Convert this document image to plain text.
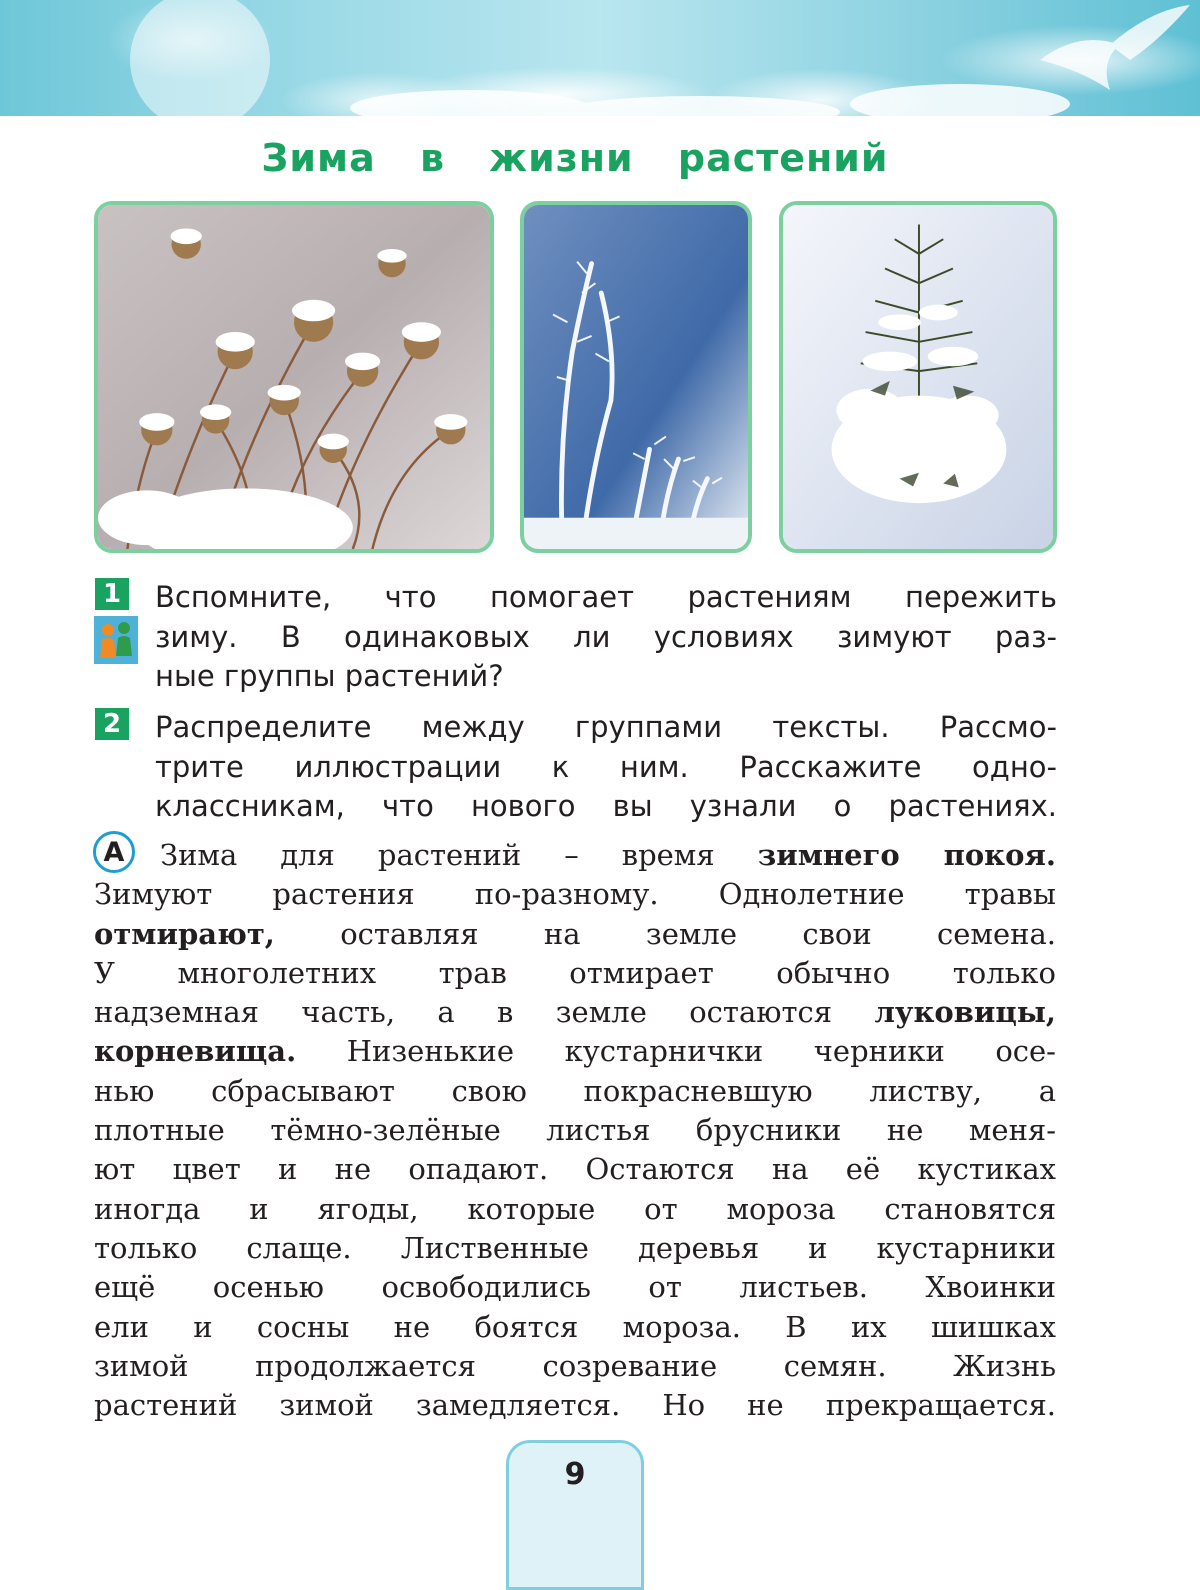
Зима в жизни растений
1 Вспомните, что помогает растениям пережить
зиму. В одинаковых ли условиях зимуют раз-
ные группы растений?
2 Распределите между группами тексты. Рассмо-
трите иллюстрации к ним. Расскажите одно-
классникам, что нового вы узнали о растениях.
А	Зима для растений – время зимнего покоя.
Зимуют растения по-разному. Однолетние травы
отмирают, оставляя на земле свои семена.
У многолетних трав отмирает обычно только
надземная часть, а в земле остаются луковицы,
корневища. Низенькие кустарнички черники осе-
нью сбрасывают свою покрасневшую листву, а
плотные тёмно-зелёные листья брусники не меня-
ют цвет и не опадают. Остаются на её кустиках
иногда и ягоды, которые от мороза становятся
только слаще. Лиственные деревья и кустарники
ещё осенью освободились от листьев. Хвоинки
ели и сосны не боятся мороза. В их шишках
зимой продолжается созревание семян. Жизнь
растений зимой замедляется. Но не прекращается.
9
